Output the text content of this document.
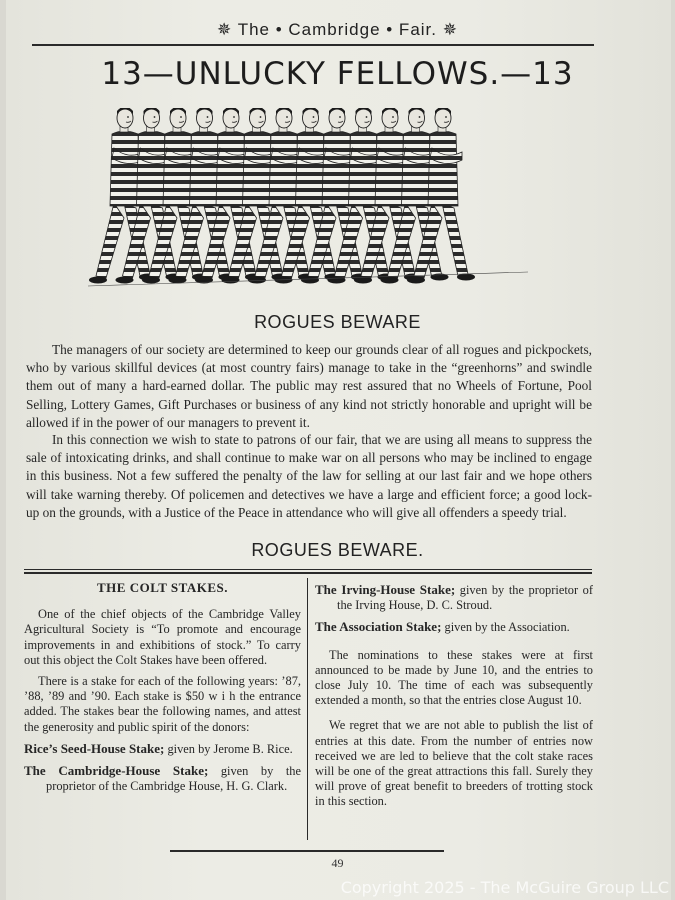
✵ The • Cambridge • Fair. ✵
13—UNLUCKY FELLOWS.—13
ROGUES BEWARE

The managers of our society are determined to keep our grounds clear of all rogues and pickpockets, who by various skillful devices (at most country fairs) manage to take in the “greenhorns” and swindle them out of many a hard-earned dollar. The public may rest assured that no Wheels of Fortune, Pool Selling, Lottery Games, Gift Purchases or business of any kind not strictly honorable and upright will be allowed if in the power of our managers to prevent it.

In this connection we wish to state to patrons of our fair, that we are using all means to suppress the sale of intoxicating drinks, and shall continue to make war on all persons who may be inclined to engage in this business. Not a few suffered the penalty of the law for selling at our last fair and we hope others will take warning thereby. Of policemen and detectives we have a large and efficient force; a good lock-up on the grounds, with a Justice of the Peace in attendance who will give all offenders a speedy trial.

ROGUES BEWARE.
THE COLT STAKES.

One of the chief objects of the Cambridge Valley Agricultural Society is “To promote and encourage improvements in and exhibitions of stock.” To carry out this object the Colt Stakes have been offered.

There is a stake for each of the following years: ’87, ’88, ’89 and ’90. Each stake is $50 w i h the entrance added. The stakes bear the following names, and attest the generosity and public spirit of the donors:

Rice’s Seed-House Stake; given by Jerome B. Rice.

The Cambridge-House Stake; given by the proprietor of the Cambridge House, H. G. Clark.

The Irving-House Stake; given by the proprietor of the Irving House, D. C. Stroud.

The Association Stake; given by the Association.

The nominations to these stakes were at first announced to be made by June 10, and the entries to close July 10. The time of each was subsequently extended a month, so that the entries close August 10.

We regret that we are not able to publish the list of entries at this date. From the number of entries now received we are led to believe that the colt stake races will be one of the great attractions this fall. Surely they will prove of great benefit to breeders of trotting stock in this section.

49
Copyright 2025 - The McGuire Group LLC
